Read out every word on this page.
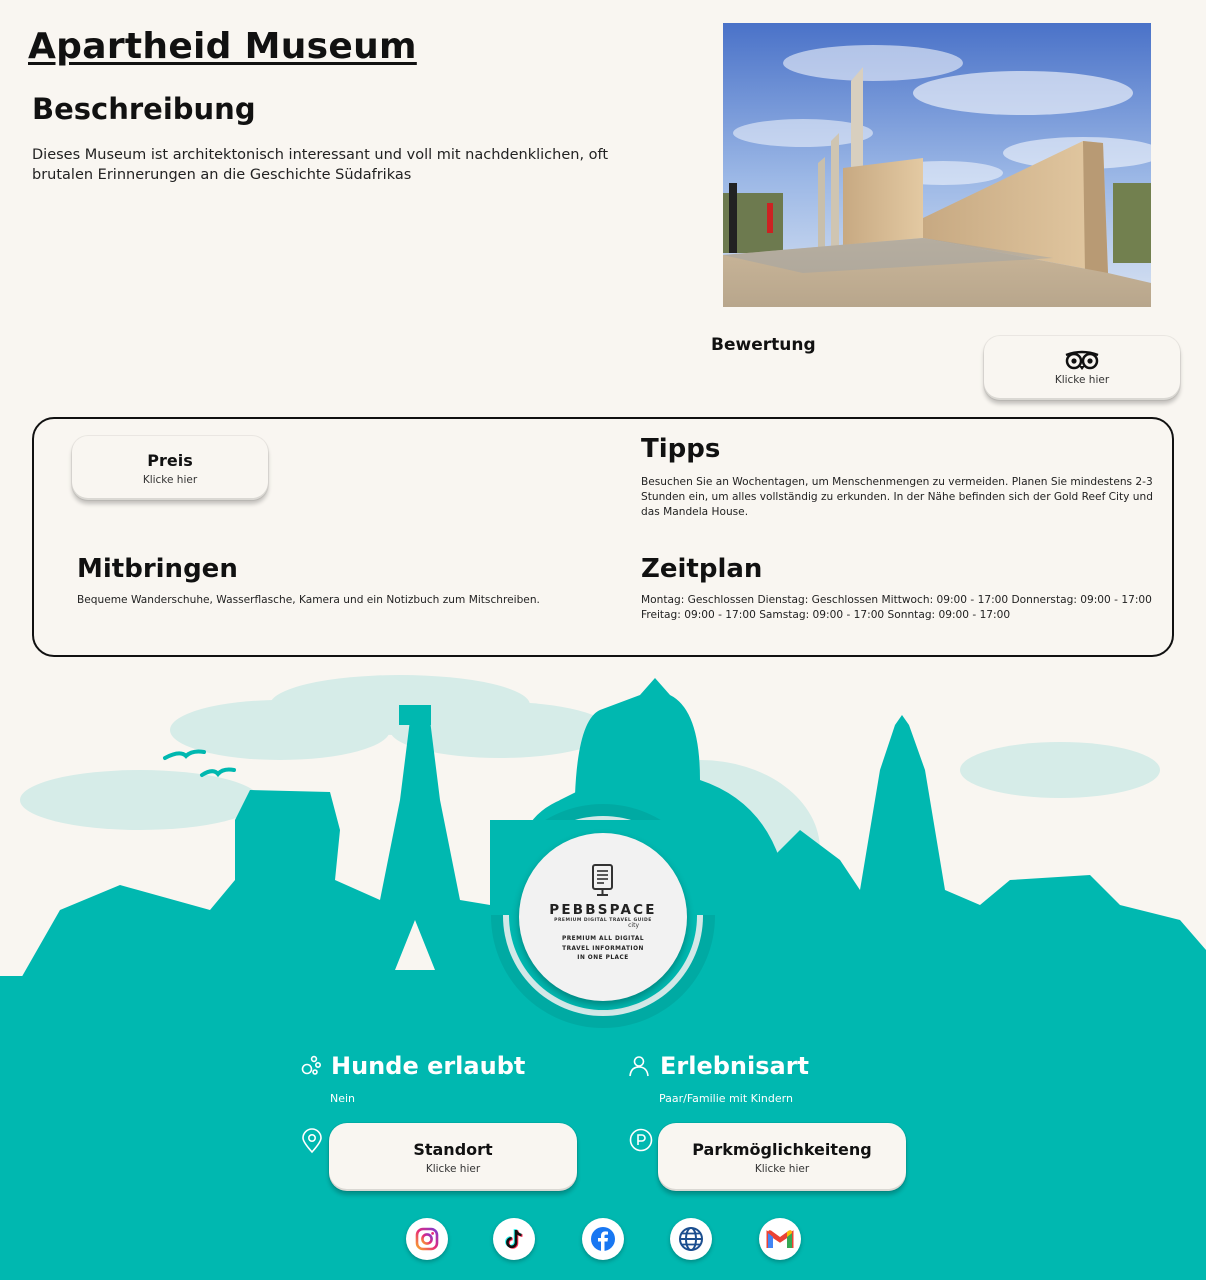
Apartheid Museum
Beschreibung

Dieses Museum ist architektonisch interessant und voll mit nachdenklichen, oft brutalen Erinnerungen an die Geschichte Südafrikas

Bewertung
Klicke hier
Preis
Klicke hier
Tipps

Besuchen Sie an Wochentagen, um Menschenmengen zu vermeiden. Planen Sie mindestens 2-3 Stunden ein, um alles vollständig zu erkunden. In der Nähe befinden sich der Gold Reef City und das Mandela House.

Mitbringen

Bequeme Wanderschuhe, Wasserflasche, Kamera und ein Notizbuch zum Mitschreiben.

Zeitplan

Montag: Geschlossen Dienstag: Geschlossen Mittwoch: 09:00 - 17:00 Donnerstag: 09:00 - 17:00 Freitag: 09:00 - 17:00 Samstag: 09:00 - 17:00 Sonntag: 09:00 - 17:00

PEBBSPACE
PREMIUM DIGITAL TRAVEL GUIDE
city
PREMIUM ALL DIGITAL
TRAVEL INFORMATION
IN ONE PLACE
Hunde erlaubt
Nein
Erlebnisart
Paar/Familie mit Kindern
Standort
Klicke hier
Parkmöglichkeiteng
Klicke hier
